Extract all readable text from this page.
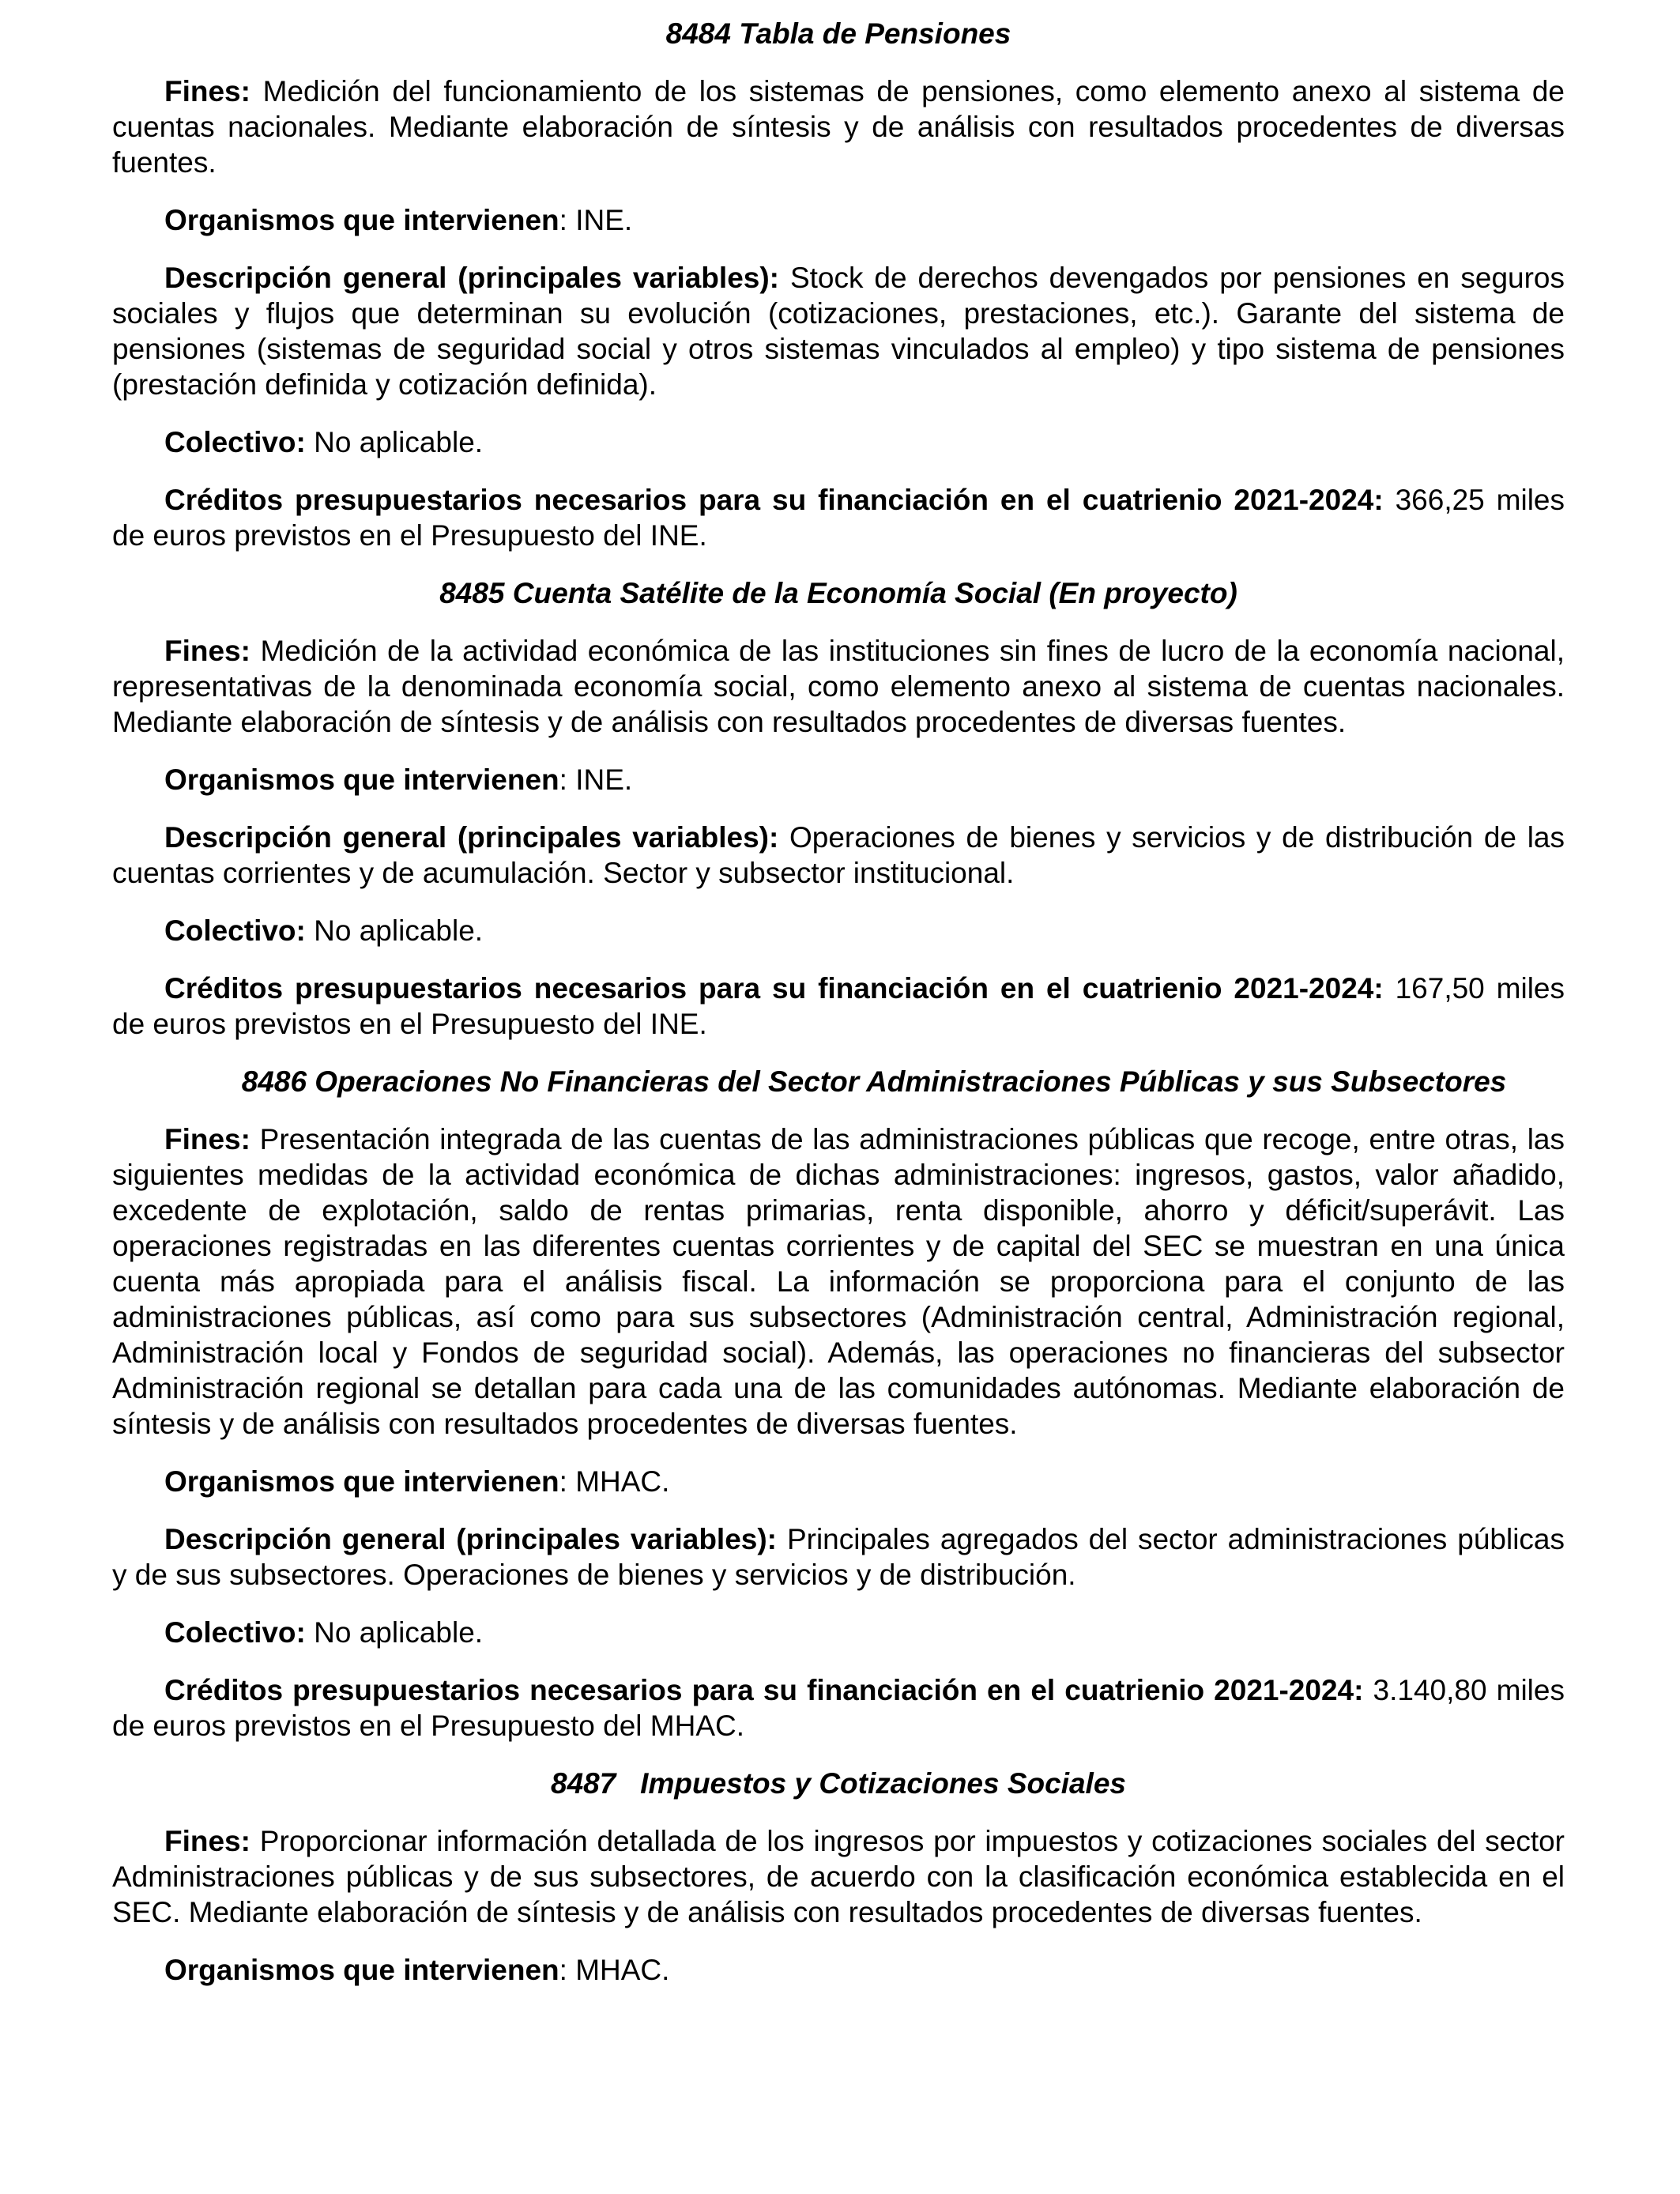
8484 Tabla de Pensiones

Fines: Medición del funcionamiento de los sistemas de pensiones, como elemento anexo al sistema de cuentas nacionales. Mediante elaboración de síntesis y de análisis con resultados procedentes de diversas fuentes.

Organismos que intervienen: INE.

Descripción general (principales variables): Stock de derechos devengados por pensiones en seguros sociales y flujos que determinan su evolución (cotizaciones, prestaciones, etc.). Garante del sistema de pensiones (sistemas de seguridad social y otros sistemas vinculados al empleo) y tipo sistema de pensiones (prestación definida y cotización definida).

Colectivo: No aplicable.

Créditos presupuestarios necesarios para su financiación en el cuatrienio 2021-2024: 366,25 miles de euros previstos en el Presupuesto del INE.

8485 Cuenta Satélite de la Economía Social (En proyecto)

Fines: Medición de la actividad económica de las instituciones sin fines de lucro de la economía nacional, representativas de la denominada economía social, como elemento anexo al sistema de cuentas nacionales. Mediante elaboración de síntesis y de análisis con resultados procedentes de diversas fuentes.

Organismos que intervienen: INE.

Descripción general (principales variables): Operaciones de bienes y servicios y de distribución de las cuentas corrientes y de acumulación. Sector y subsector institucional.

Colectivo: No aplicable.

Créditos presupuestarios necesarios para su financiación en el cuatrienio 2021-2024: 167,50 miles de euros previstos en el Presupuesto del INE.

8486 Operaciones No Financieras del Sector Administraciones Públicas y sus Subsectores

Fines: Presentación integrada de las cuentas de las administraciones públicas que recoge, entre otras, las siguientes medidas de la actividad económica de dichas administraciones: ingresos, gastos, valor añadido, excedente de explotación, saldo de rentas primarias, renta disponible, ahorro y déficit/superávit. Las operaciones registradas en las diferentes cuentas corrientes y de capital del SEC se muestran en una única cuenta más apropiada para el análisis fiscal. La información se proporciona para el conjunto de las administraciones públicas, así como para sus subsectores (Administración central, Administración regional, Administración local y Fondos de seguridad social). Además, las operaciones no financieras del subsector Administración regional se detallan para cada una de las comunidades autónomas. Mediante elaboración de síntesis y de análisis con resultados procedentes de diversas fuentes.

Organismos que intervienen: MHAC.

Descripción general (principales variables): Principales agregados del sector administraciones públicas y de sus subsectores. Operaciones de bienes y servicios y de distribución.

Colectivo: No aplicable.

Créditos presupuestarios necesarios para su financiación en el cuatrienio 2021-2024: 3.140,80 miles de euros previstos en el Presupuesto del MHAC.

8487   Impuestos y Cotizaciones Sociales

Fines: Proporcionar información detallada de los ingresos por impuestos y cotizaciones sociales del sector Administraciones públicas y de sus subsectores, de acuerdo con la clasificación económica establecida en el SEC. Mediante elaboración de síntesis y de análisis con resultados procedentes de diversas fuentes.

Organismos que intervienen: MHAC.
